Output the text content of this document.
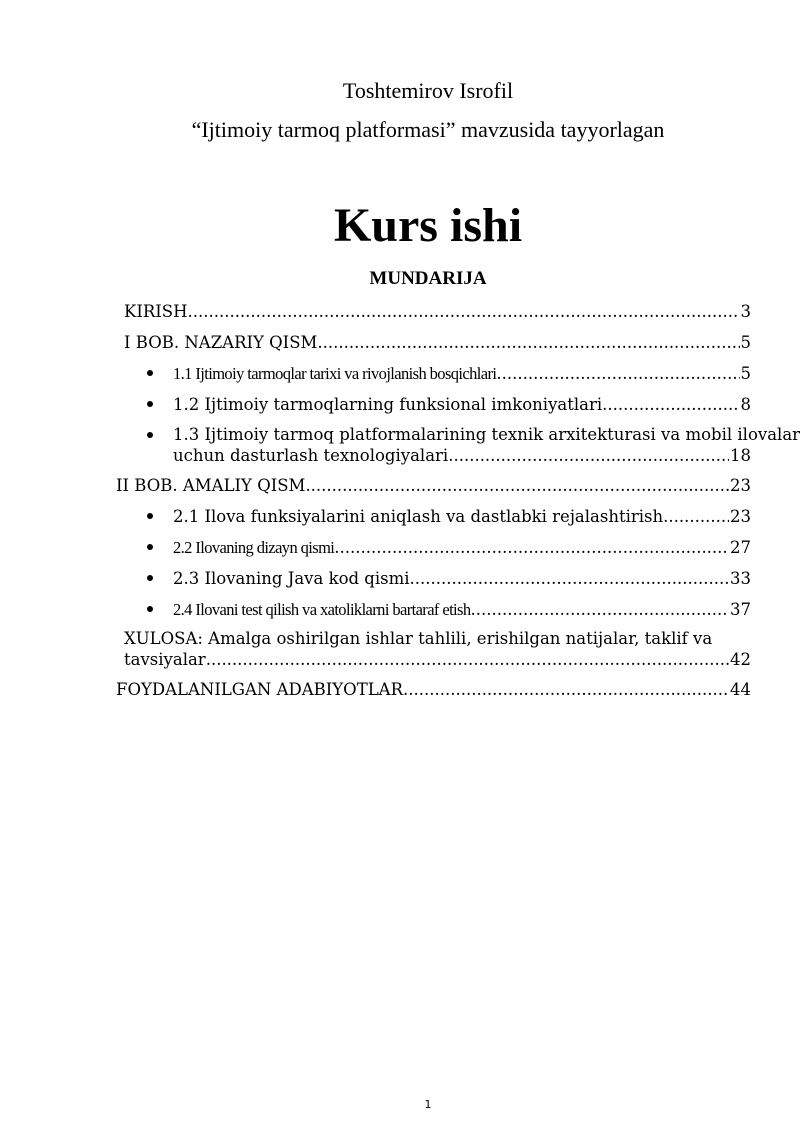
Toshtemirov Isrofil
“Ijtimoiy tarmoq platformasi” mavzusida tayyorlagan
Kurs ishi
MUNDARIJA
KIRISH .....	3
I BOB. NAZARIY QISM .....	5
1.1 Ijtimoiy tarmoqlar tarixi va rivojlanish bosqichlari .....	5
1.2 Ijtimoiy tarmoqlarning funksional imkoniyatlari .....	8
1.3 Ijtimoiy tarmoq platformalarining texnik arxitekturasi va mobil ilovalar
uchun dasturlash texnologiyalari .....	18
II BOB. AMALIY QISM .....	23
2.1 Ilova funksiyalarini aniqlash va dastlabki rejalashtirish .....	23
2.2 Ilovaning dizayn qismi .....	27
2.3 Ilovaning Java kod qismi .....	33
2.4 Ilovani test qilish va xatoliklarni bartaraf etish .....	37
XULOSA: Amalga oshirilgan ishlar tahlili, erishilgan natijalar, taklif va
tavsiyalar .....	42
FOYDALANILGAN ADABIYOTLAR .....	44
1
